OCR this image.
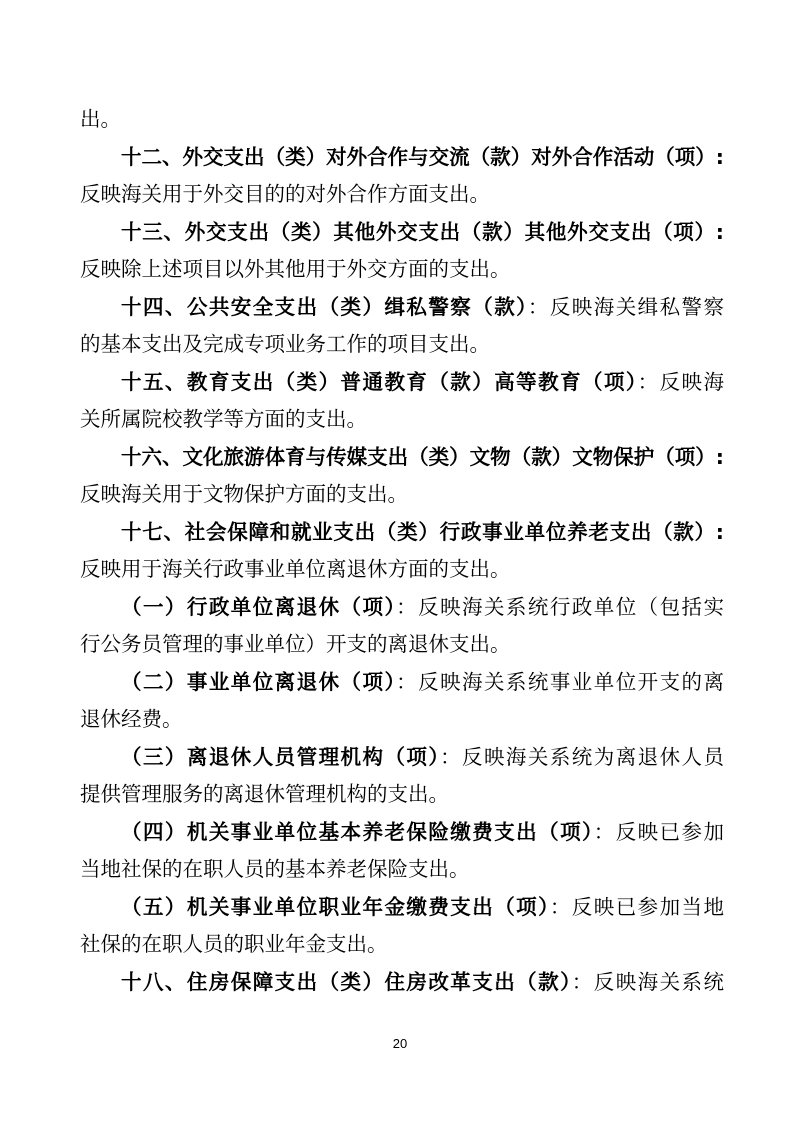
出。
十二、外交支出（类）对外合作与交流（款）对外合作活动（项）:
反映海关用于外交目的的对外合作方面支出。
十三、外交支出（类）其他外交支出（款）其他外交支出（项）:
反映除上述项目以外其他用于外交方面的支出。
十四、公共安全支出（类）缉私警察（款）：反映海关缉私警察
的基本支出及完成专项业务工作的项目支出。
十五、教育支出（类）普通教育（款）高等教育（项）：反映海
关所属院校教学等方面的支出。
十六、文化旅游体育与传媒支出（类）文物（款）文物保护（项）:
反映海关用于文物保护方面的支出。
十七、社会保障和就业支出（类）行政事业单位养老支出（款）:
反映用于海关行政事业单位离退休方面的支出。
（一）行政单位离退休（项）：反映海关系统行政单位（包括实
行公务员管理的事业单位）开支的离退休支出。
（二）事业单位离退休（项）：反映海关系统事业单位开支的离
退休经费。
（三）离退休人员管理机构（项）：反映海关系统为离退休人员
提供管理服务的离退休管理机构的支出。
（四）机关事业单位基本养老保险缴费支出（项）：反映已参加
当地社保的在职人员的基本养老保险支出。
（五）机关事业单位职业年金缴费支出（项）：反映已参加当地
社保的在职人员的职业年金支出。
十八、住房保障支出（类）住房改革支出（款）：反映海关系统
20
